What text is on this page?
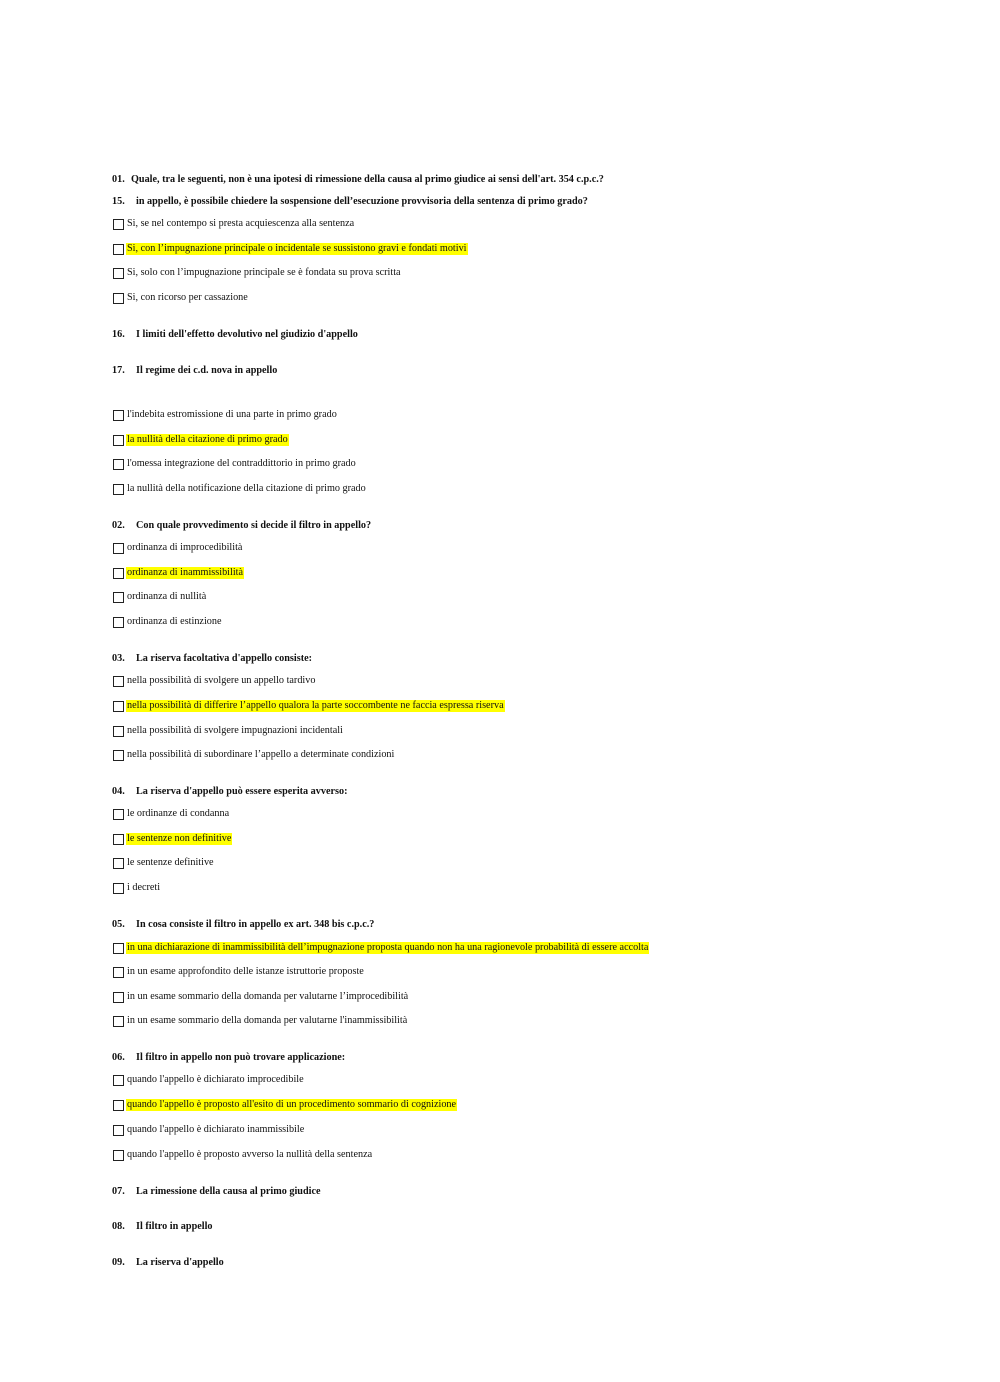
01. Quale, tra le seguenti, non è una ipotesi di rimessione della causa al primo giudice ai sensi dell'art. 354 c.p.c.?
15. in appello, è possibile chiedere la sospensione dell’esecuzione provvisoria della sentenza di primo grado?
Si, se nel contempo si presta acquiescenza alla sentenza
Si, con l’impugnazione principale o incidentale se sussistono gravi e fondati motivi
Si, solo con l’impugnazione principale se è fondata su prova scritta
Si, con ricorso per cassazione
16. I limiti dell'effetto devolutivo nel giudizio d'appello
17. Il regime dei c.d. nova in appello
l'indebita estromissione di una parte in primo grado
la nullità della citazione di primo grado
l'omessa integrazione del contraddittorio in primo grado
la nullità della notificazione della citazione di primo grado
02. Con quale provvedimento si decide il filtro in appello?
ordinanza di improcedibilità
ordinanza di inammissibilità
ordinanza di nullità
ordinanza di estinzione
03. La riserva facoltativa d'appello consiste:
nella possibilità di svolgere un appello tardivo
nella possibilità di differire l’appello qualora la parte soccombente ne faccia espressa riserva
nella possibilità di svolgere impugnazioni incidentali
nella possibilità di subordinare l’appello a determinate condizioni
04. La riserva d'appello può essere esperita avverso:
le ordinanze di condanna
le sentenze non definitive
le sentenze definitive
i decreti
05. In cosa consiste il filtro in appello ex art. 348 bis c.p.c.?
in una dichiarazione di inammissibilità dell’impugnazione proposta quando non ha una ragionevole probabilità di essere accolta
in un esame approfondito delle istanze istruttorie proposte
in un esame sommario della domanda per valutarne l’improcedibilità
in un esame sommario della domanda per valutarne l'inammissibilità
06. Il filtro in appello non può trovare applicazione:
quando l'appello è dichiarato improcedibile
quando l'appello è proposto all'esito di un procedimento sommario di cognizione
quando l'appello è dichiarato inammissibile
quando l'appello è proposto avverso la nullità della sentenza
07. La rimessione della causa al primo giudice
08. Il filtro in appello
09. La riserva d'appello
